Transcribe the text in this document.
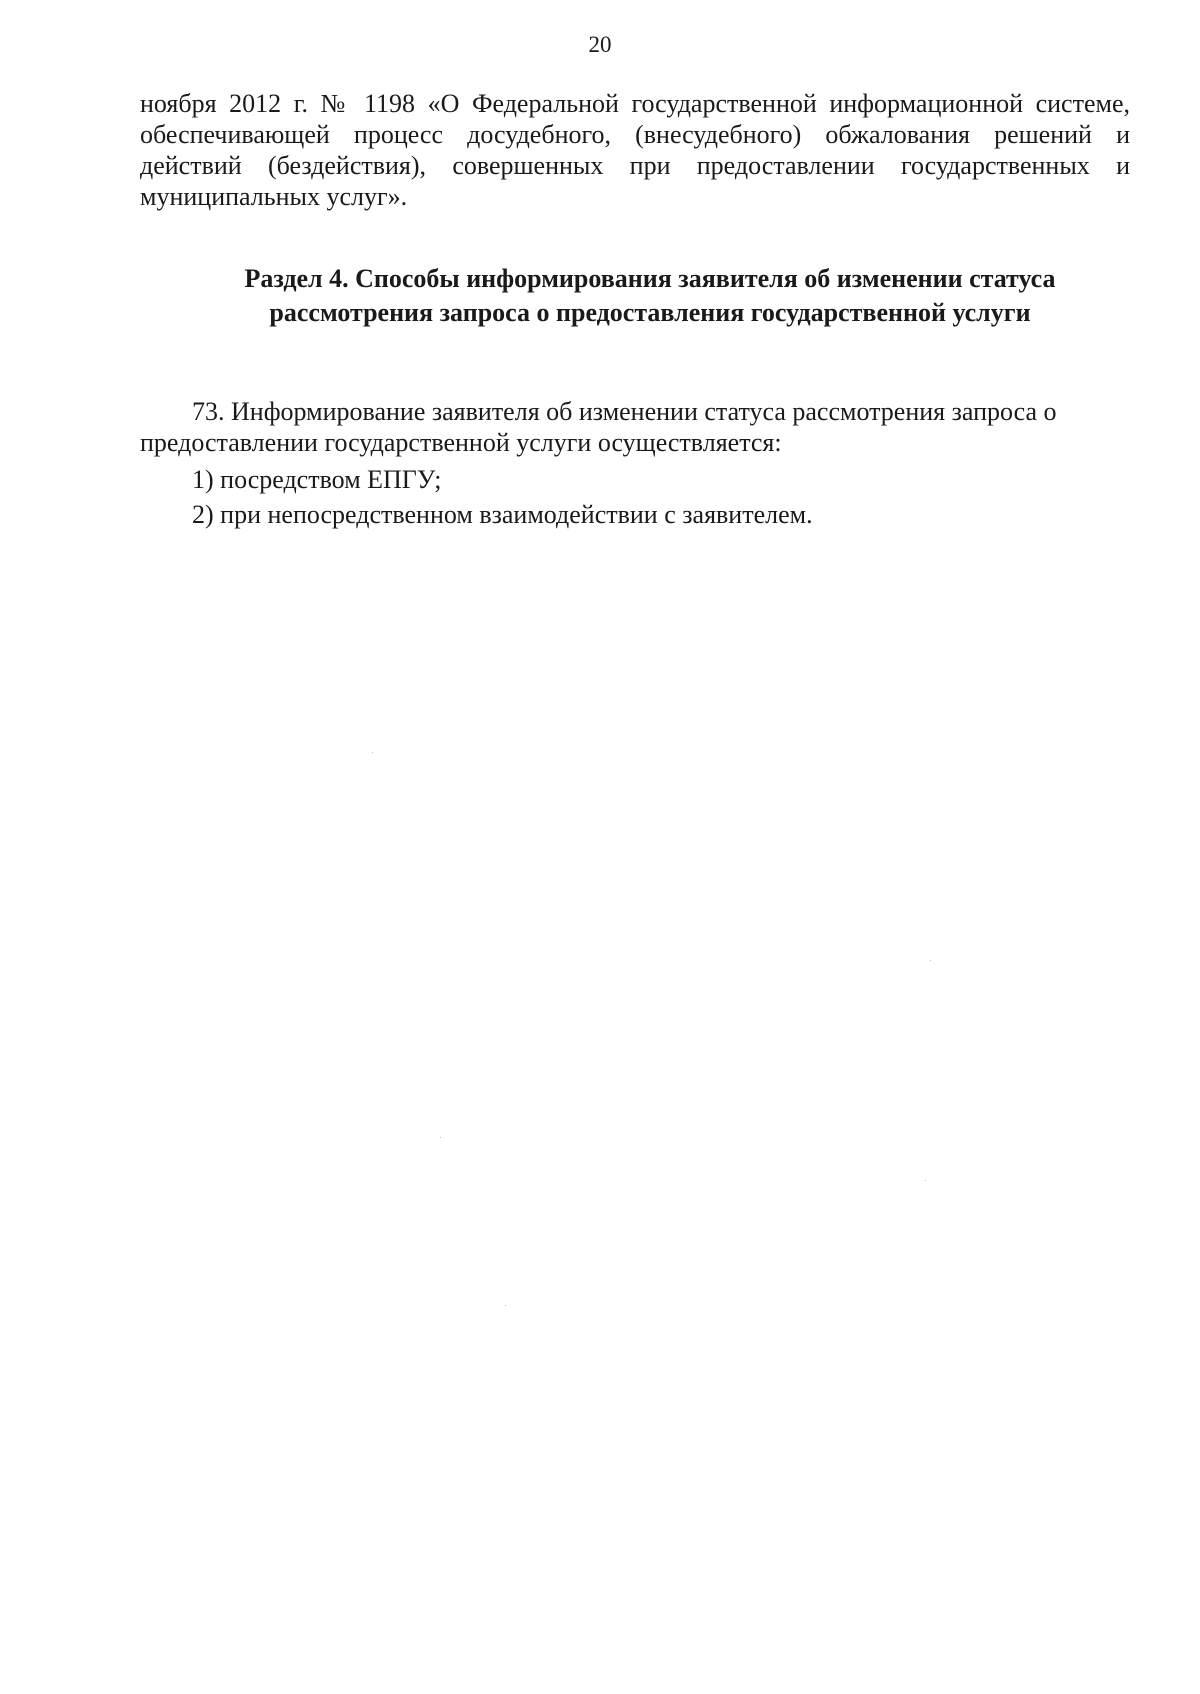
20
ноября 2012 г. № 1198 «О Федеральной государственной информационной системе, обеспечивающей процесс досудебного, (внесудебного) обжалования решений и действий (бездействия), совершенных при предоставлении государственных и муниципальных услуг».
Раздел 4. Способы информирования заявителя об изменении статуса
рассмотрения запроса о предоставления государственной услуги
73. Информирование заявителя об изменении статуса рассмотрения запроса о предоставлении государственной услуги осуществляется:
1) посредством ЕПГУ;
2) при непосредственном взаимодействии с заявителем.
